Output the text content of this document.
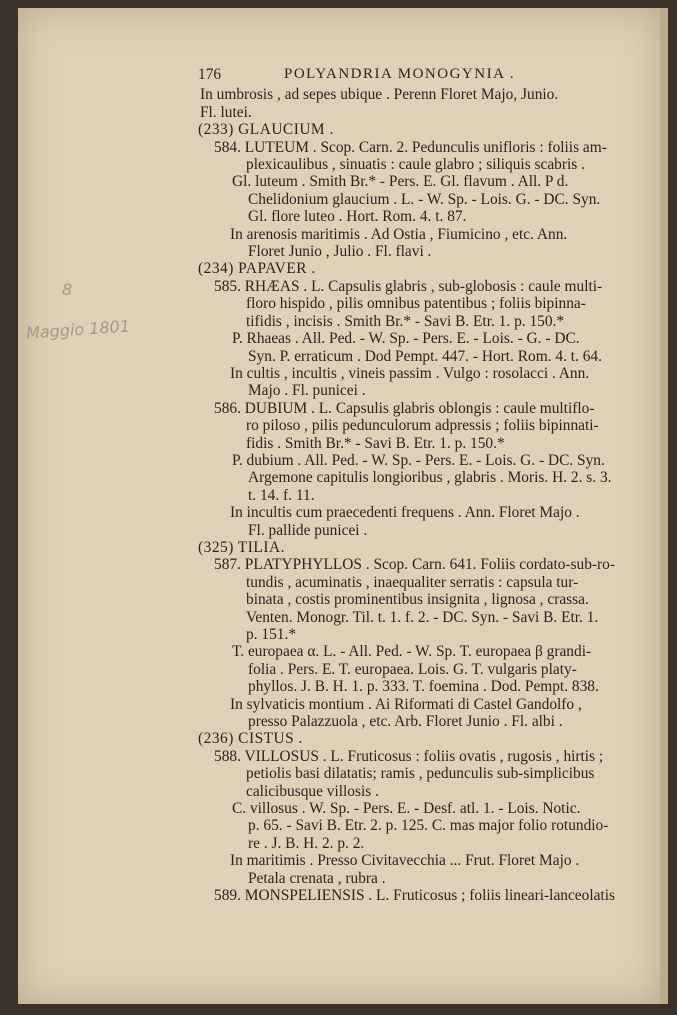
8
Maggio 1801
176	POLYANDRIA MONOGYNIA .
In umbrosis , ad sepes ubique . Perenn Floret Majo, Junio.
Fl. lutei.
(233) GLAUCIUM .
584. LUTEUM . Scop. Carn. 2. Pedunculis unifloris : foliis am-
plexicaulibus , sinuatis : caule glabro ; siliquis scabris .
Gl. luteum . Smith Br.* - Pers. E. Gl. flavum . All. P d.
Chelidonium glaucium . L. - W. Sp. - Lois. G. - DC. Syn.
Gl. flore luteo . Hort. Rom. 4. t. 87.
In arenosis maritimis . Ad Ostia , Fiumicino , etc. Ann.
Floret Junio , Julio . Fl. flavi .
(234) PAPAVER .
585. RHÆAS . L. Capsulis glabris , sub-globosis : caule multi-
floro hispido , pilis omnibus patentibus ; foliis bipinna-
tifidis , incisis . Smith Br.* - Savi B. Etr. 1. p. 150.*
P. Rhaeas . All. Ped. - W. Sp. - Pers. E. - Lois. - G. - DC.
Syn. P. erraticum . Dod Pempt. 447. - Hort. Rom. 4. t. 64.
In cultis , incultis , vineis passim . Vulgo : rosolacci . Ann.
Majo . Fl. punicei .
586. DUBIUM . L. Capsulis glabris oblongis : caule multiflo-
ro piloso , pilis pedunculorum adpressis ; foliis bipinnati-
fidis . Smith Br.* - Savi B. Etr. 1. p. 150.*
P. dubium . All. Ped. - W. Sp. - Pers. E. - Lois. G. - DC. Syn.
Argemone capitulis longioribus , glabris . Moris. H. 2. s. 3.
t. 14. f. 11.
In incultis cum praecedenti frequens . Ann. Floret Majo .
Fl. pallide punicei .
(325) TILIA.
587. PLATYPHYLLOS . Scop. Carn. 641. Foliis cordato-sub-ro-
tundis , acuminatis , inaequaliter serratis : capsula tur-
binata , costis prominentibus insignita , lignosa , crassa.
Venten. Monogr. Til. t. 1. f. 2. - DC. Syn. - Savi B. Etr. 1.
p. 151.*
T. europaea α. L. - All. Ped. - W. Sp. T. europaea β grandi-
folia . Pers. E. T. europaea. Lois. G. T. vulgaris platy-
phyllos. J. B. H. 1. p. 333. T. foemina . Dod. Pempt. 838.
In sylvaticis montium . Ai Riformati di Castel Gandolfo ,
presso Palazzuola , etc. Arb. Floret Junio . Fl. albi .
(236) CISTUS .
588. VILLOSUS . L. Fruticosus : foliis ovatis , rugosis , hirtis ;
petiolis basi dilatatis; ramis , pedunculis sub-simplicibus
calicibusque villosis .
C. villosus . W. Sp. - Pers. E. - Desf. atl. 1. - Lois. Notic.
p. 65. - Savi B. Etr. 2. p. 125. C. mas major folio rotundio-
re . J. B. H. 2. p. 2.
In maritimis . Presso Civitavecchia ... Frut. Floret Majo .
Petala crenata , rubra .
589. MONSPELIENSIS . L. Fruticosus ; foliis lineari-lanceolatis
